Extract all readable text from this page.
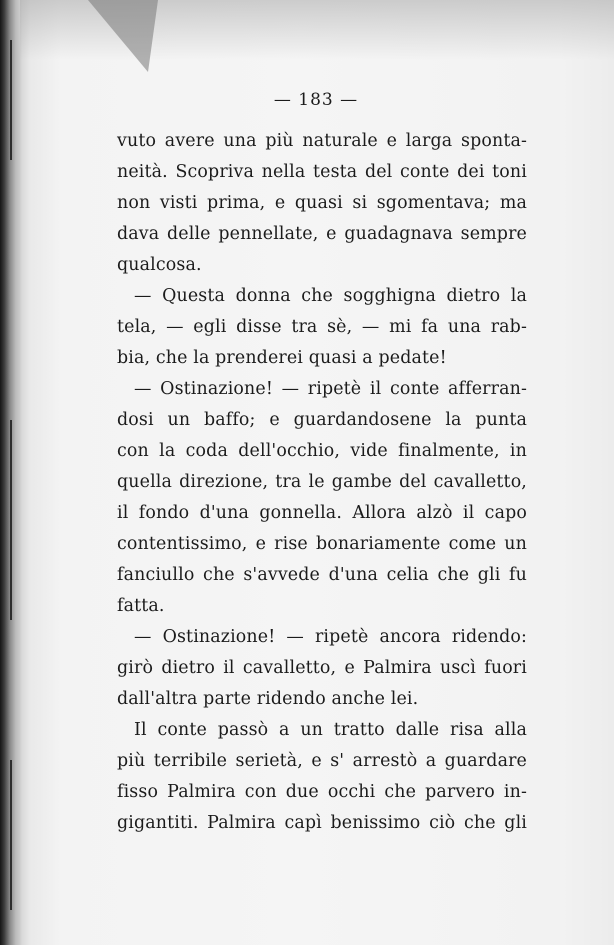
— 183 —
vuto avere una più naturale e larga sponta-
neità. Scopriva nella testa del conte dei toni
non visti prima, e quasi si sgomentava; ma
dava delle pennellate, e guadagnava sempre
qualcosa.
— Questa donna che sogghigna dietro la
tela, — egli disse tra sè, — mi fa una rab-
bia, che la prenderei quasi a pedate!
— Ostinazione! — ripetè il conte afferran-
dosi un baffo; e guardandosene la punta
con la coda dell'occhio, vide finalmente, in
quella direzione, tra le gambe del cavalletto,
il fondo d'una gonnella. Allora alzò il capo
contentissimo, e rise bonariamente come un
fanciullo che s'avvede d'una celia che gli fu
fatta.
— Ostinazione! — ripetè ancora ridendo:
girò dietro il cavalletto, e Palmira uscì fuori
dall'altra parte ridendo anche lei.
Il conte passò a un tratto dalle risa alla
più terribile serietà, e s' arrestò a guardare
fisso Palmira con due occhi che parvero in-
gigantiti. Palmira capì benissimo ciò che gli
